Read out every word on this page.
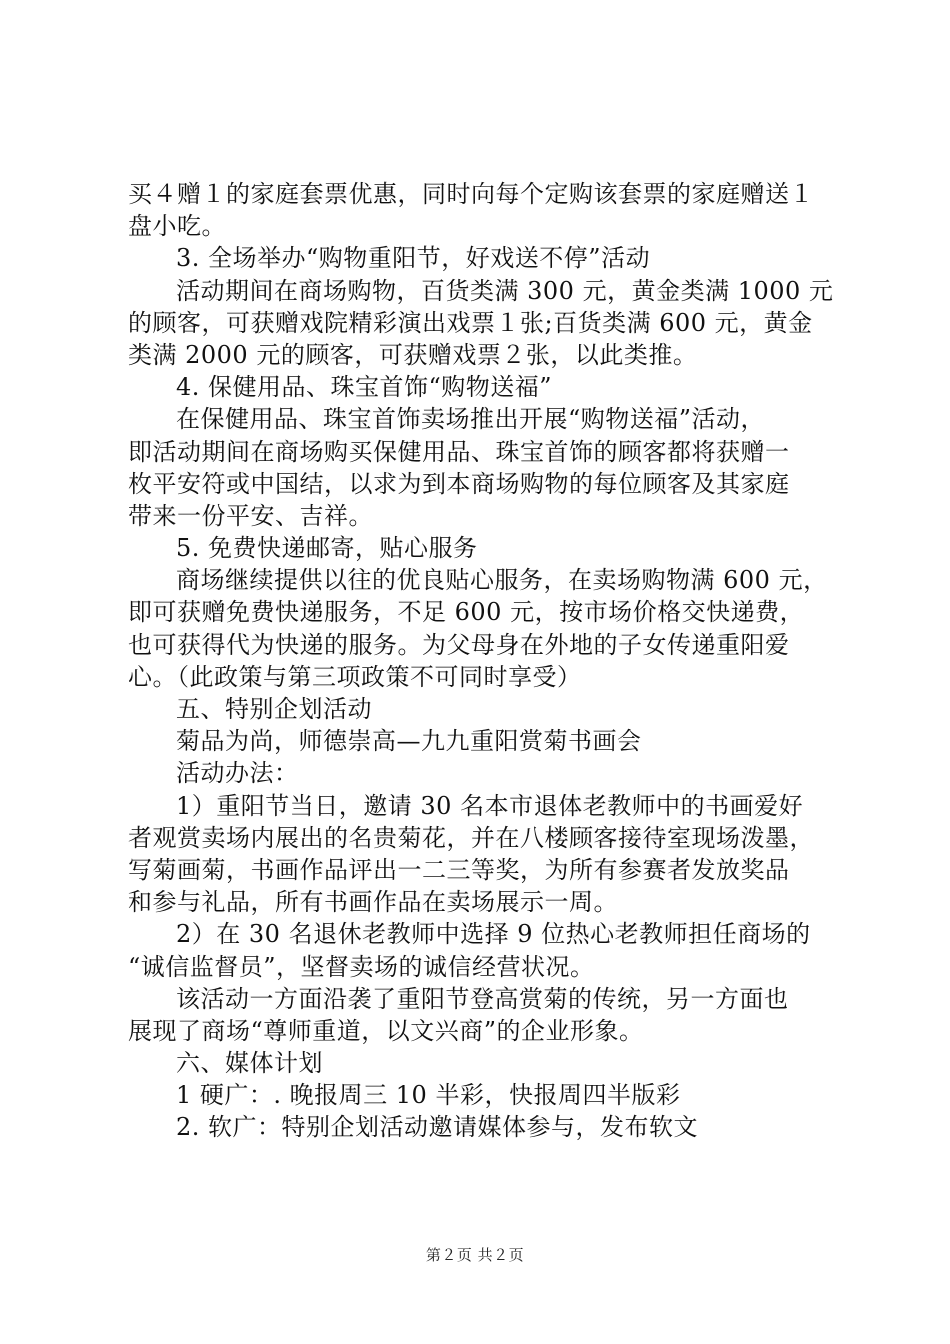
买４赠１的家庭套票优惠，同时向每个定购该套票的家庭赠送１
盘小吃。
3. 全场举办“购物重阳节，好戏送不停”活动
活动期间在商场购物，百货类满 300 元，黄金类满 1000 元
的顾客，可获赠戏院精彩演出戏票１张;百货类满 600 元，黄金
类满 2000 元的顾客，可获赠戏票２张，以此类推。
4. 保健用品、珠宝首饰“购物送福”
在保健用品、珠宝首饰卖场推出开展“购物送福”活动，
即活动期间在商场购买保健用品、珠宝首饰的顾客都将获赠一
枚平安符或中国结，以求为到本商场购物的每位顾客及其家庭
带来一份平安、吉祥。
5. 免费快递邮寄，贴心服务
商场继续提供以往的优良贴心服务，在卖场购物满 600 元，
即可获赠免费快递服务，不足 600 元，按市场价格交快递费，
也可获得代为快递的服务。为父母身在外地的子女传递重阳爱
心。（此政策与第三项政策不可同时享受）
五、特别企划活动
菊品为尚，师德崇高—九九重阳赏菊书画会
活动办法：
1）重阳节当日，邀请 30 名本市退体老教师中的书画爱好
者观赏卖场内展出的名贵菊花，并在八楼顾客接待室现场泼墨，
写菊画菊，书画作品评出一二三等奖，为所有参赛者发放奖品
和参与礼品，所有书画作品在卖场展示一周。
2）在 30 名退休老教师中选择 9 位热心老教师担任商场的
“诚信监督员”，坚督卖场的诚信经营状况。
该活动一方面沿袭了重阳节登高赏菊的传统，另一方面也
展现了商场“尊师重道，以文兴商”的企业形象。
六、媒体计划
1 硬广：. 晚报周三 10 半彩，快报周四半版彩
2. 软广：特别企划活动邀请媒体参与，发布软文
第２页 共２页
